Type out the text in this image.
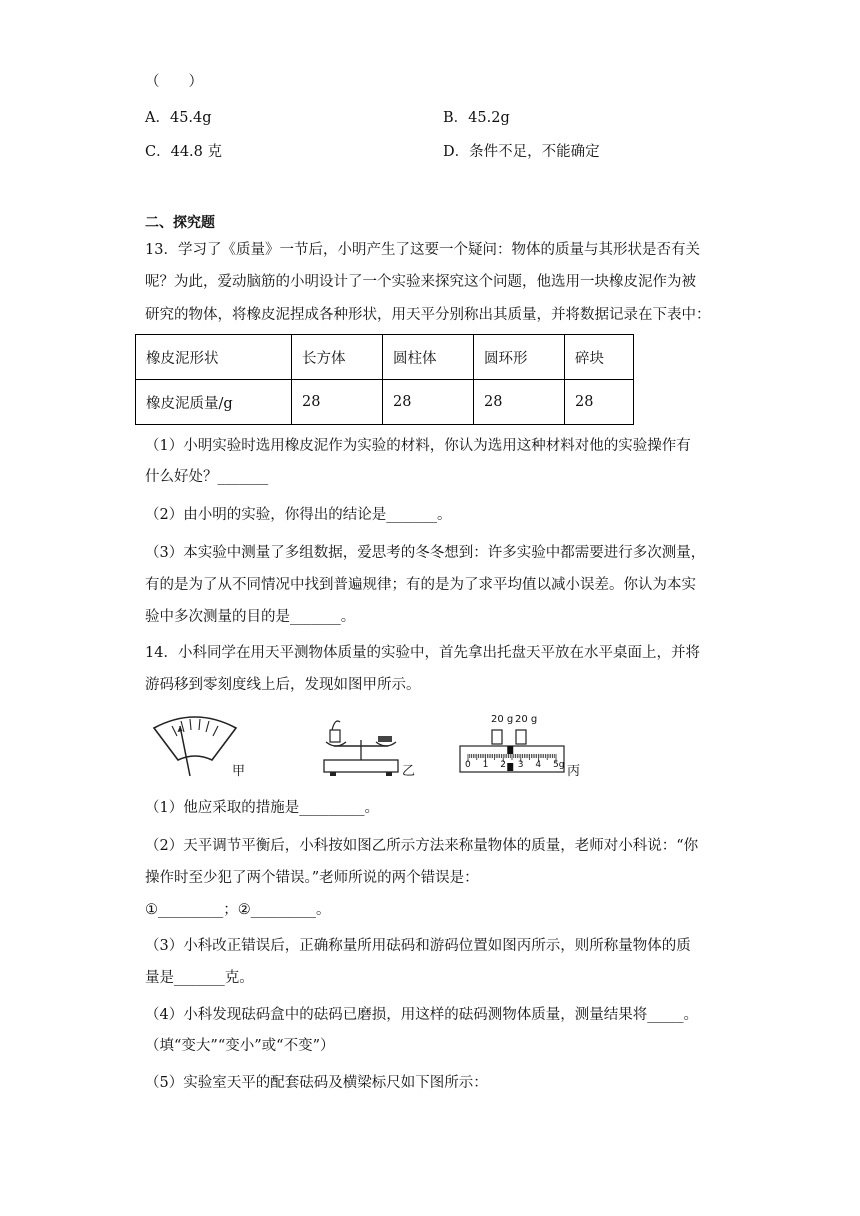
（　　）
A．45.4g	B．45.2g
C．44.8 克	D．条件不足，不能确定
二、探究题
13．学习了《质量》一节后，小明产生了这要一个疑问：物体的质量与其形状是否有关
呢？为此，爱动脑筋的小明设计了一个实验来探究这个问题，他选用一块橡皮泥作为被
研究的物体，将橡皮泥捏成各种形状，用天平分别称出其质量，并将数据记录在下表中：
橡皮泥形状	长方体	圆柱体	圆环形	碎块
橡皮泥质量/g	28	28	28	28
（1）小明实验时选用橡皮泥作为实验的材料，你认为选用这种材料对他的实验操作有
什么好处？_______
（2）由小明的实验，你得出的结论是_______。
（3）本实验中测量了多组数据，爱思考的冬冬想到：许多实验中都需要进行多次测量，
有的是为了从不同情况中找到普遍规律；有的是为了求平均值以减小误差。你认为本实
验中多次测量的目的是_______。
14．小科同学在用天平测物体质量的实验中，首先拿出托盘天平放在水平桌面上，并将
游码移到零刻度线上后，发现如图甲所示。
甲	乙
20 g 20 g
0 1 2 3 4 5g 丙
（1）他应采取的措施是_________。
（2）天平调节平衡后，小科按如图乙所示方法来称量物体的质量，老师对小科说：“你
操作时至少犯了两个错误。”老师所说的两个错误是：
①_________；②_________。
（3）小科改正错误后，正确称量所用砝码和游码位置如图丙所示，则所称量物体的质
量是_______克。
（4）小科发现砝码盒中的砝码已磨损，用这样的砝码测物体质量，测量结果将_____。
（填“变大”“变小”或“不变”）
（5）实验室天平的配套砝码及横梁标尺如下图所示：
